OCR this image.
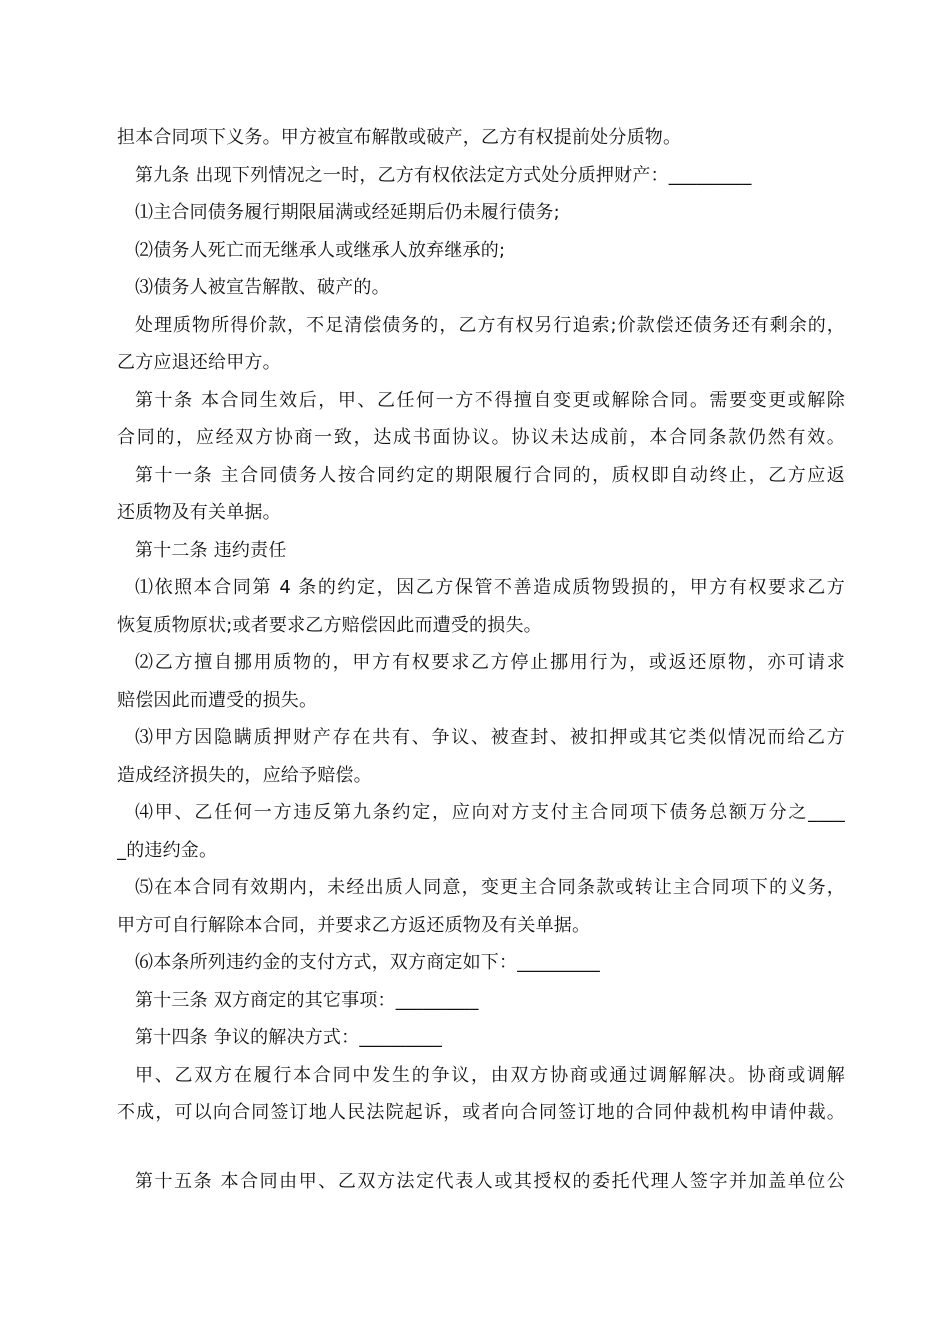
担本合同项下义务。甲方被宣布解散或破产，乙方有权提前处分质物。
第九条 出现下列情况之一时，乙方有权依法定方式处分质押财产：_________
⑴主合同债务履行期限届满或经延期后仍未履行债务;
⑵债务人死亡而无继承人或继承人放弃继承的;
⑶债务人被宣告解散、破产的。
处理质物所得价款，不足清偿债务的，乙方有权另行追索;价款偿还债务还有剩余的，
乙方应退还给甲方。
第十条 本合同生效后，甲、乙任何一方不得擅自变更或解除合同。需要变更或解除
合同的，应经双方协商一致，达成书面协议。协议未达成前，本合同条款仍然有效。
第十一条 主合同债务人按合同约定的期限履行合同的，质权即自动终止，乙方应返
还质物及有关单据。
第十二条 违约责任
⑴依照本合同第 4 条的约定，因乙方保管不善造成质物毁损的，甲方有权要求乙方
恢复质物原状;或者要求乙方赔偿因此而遭受的损失。
⑵乙方擅自挪用质物的，甲方有权要求乙方停止挪用行为，或返还原物，亦可请求
赔偿因此而遭受的损失。
⑶甲方因隐瞒质押财产存在共有、争议、被查封、被扣押或其它类似情况而给乙方
造成经济损失的，应给予赔偿。
⑷甲、乙任何一方违反第九条约定，应向对方支付主合同项下债务总额万分之____
_的违约金。
⑸在本合同有效期内，未经出质人同意，变更主合同条款或转让主合同项下的义务，
甲方可自行解除本合同，并要求乙方返还质物及有关单据。
⑹本条所列违约金的支付方式，双方商定如下：_________
第十三条 双方商定的其它事项：_________
第十四条 争议的解决方式：_________
甲、乙双方在履行本合同中发生的争议，由双方协商或通过调解解决。协商或调解
不成，可以向合同签订地人民法院起诉，或者向合同签订地的合同仲裁机构申请仲裁。
第十五条 本合同由甲、乙双方法定代表人或其授权的委托代理人签字并加盖单位公
